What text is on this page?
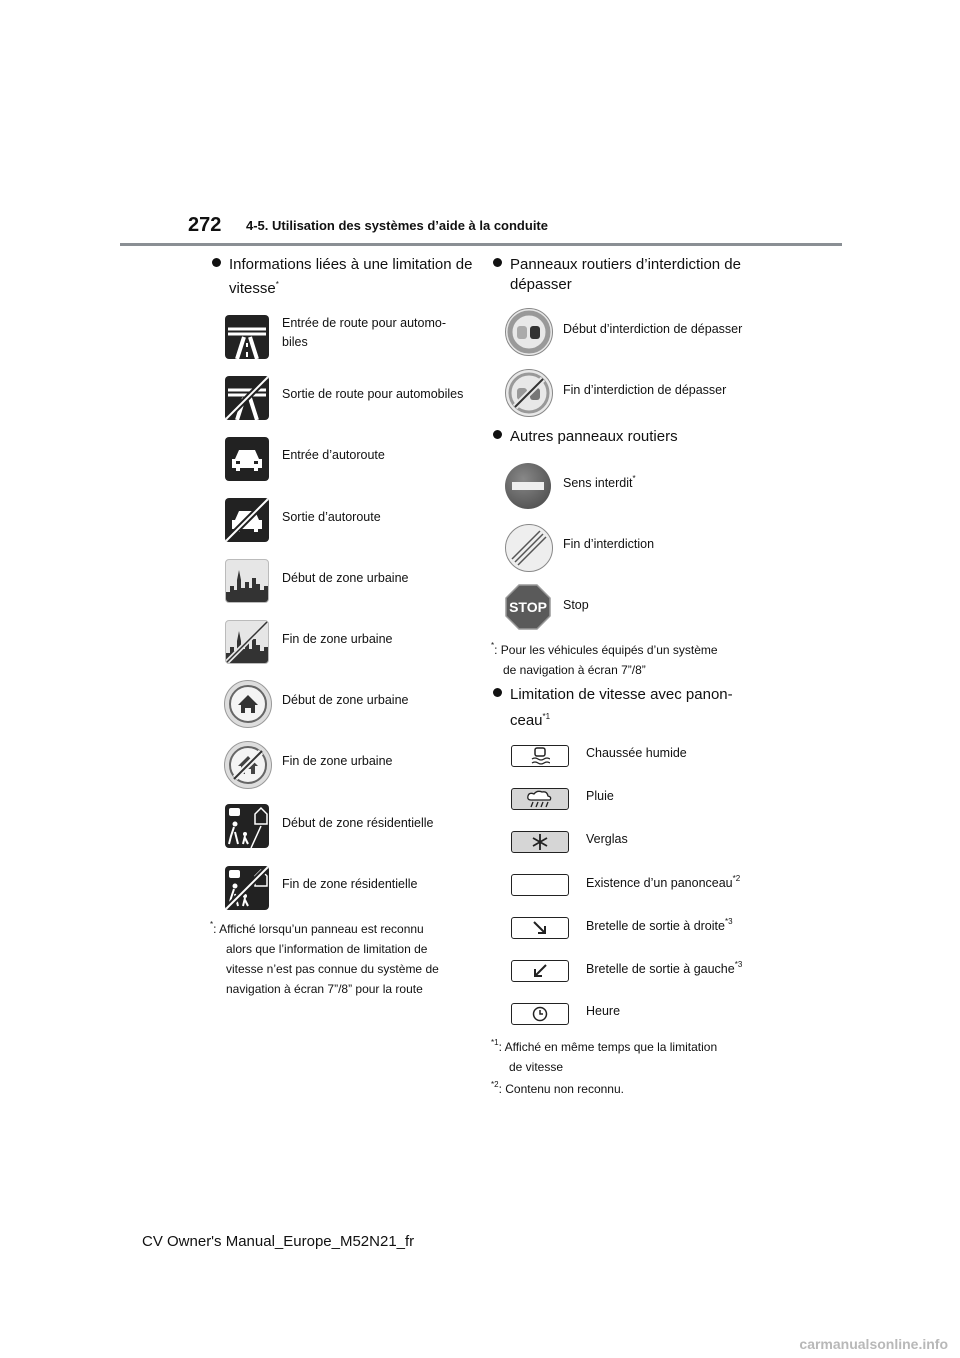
272 4-5. Utilisation des systèmes d’aide à la conduite
Informations liées à une limitation de
vitesse*
Entrée de route pour automo-
biles
Sortie de route pour automobiles
Entrée d’autoroute
Sortie d’autoroute
Début de zone urbaine
Fin de zone urbaine
Début de zone urbaine
Fin de zone urbaine
Début de zone résidentielle
Fin de zone résidentielle
*: Affiché lorsqu’un panneau est reconnu
alors que l’information de limitation de
vitesse n’est pas connue du système de
navigation à écran 7”/8” pour la route
Panneaux routiers d’interdiction de
dépasser
Début d’interdiction de dépasser
Fin d’interdiction de dépasser
Autres panneaux routiers
Sens interdit*
Fin d’interdiction
STOP Stop
*: Pour les véhicules équipés d’un système
de navigation à écran 7”/8”
Limitation de vitesse avec panon-
ceau$^{*1}$
Chaussée humide
Pluie
Verglas
Existence d’un panonceau$^{*2}$
Bretelle de sortie à droite$^{*3}$
Bretelle de sortie à gauche$^{*3}$
Heure
$^{*1}$: Affiché en même temps que la limitation
de vitesse
$^{*2}$: Contenu non reconnu.
CV Owner's Manual_Europe_M52N21_fr
carmanualsonline.info
